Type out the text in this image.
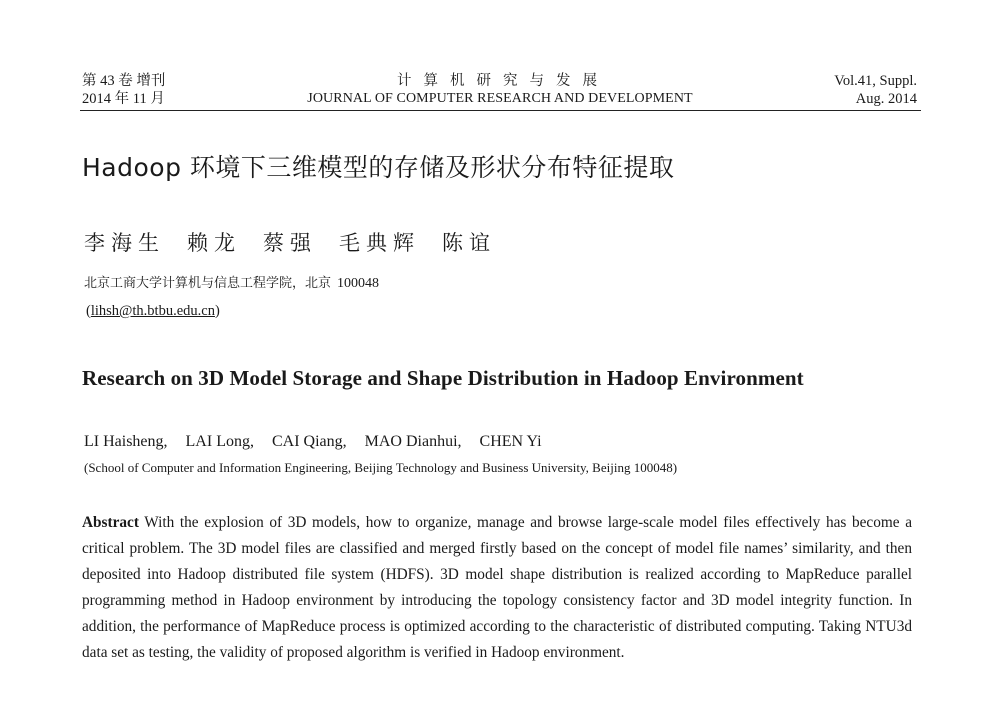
第 43 卷 增刊
2014 年 11 月
计算机研究与发展
JOURNAL OF COMPUTER RESEARCH AND DEVELOPMENT
Vol.41, Suppl.
Aug. 2014
Hadoop 环境下三维模型的存储及形状分布特征提取
李海生 赖龙 蔡强 毛典辉 陈谊
北京工商大学计算机与信息工程学院，北京 100048
(lihsh@th.btbu.edu.cn)
Research on 3D Model Storage and Shape Distribution in Hadoop Environment
LI Haisheng, LAI Long, CAI Qiang, MAO Dianhui, CHEN Yi
(School of Computer and Information Engineering, Beijing Technology and Business University, Beijing 100048)

Abstract With the explosion of 3D models, how to organize, manage and browse large-scale model files effectively has become a critical problem. The 3D model files are classified and merged firstly based on the concept of model file names’ similarity, and then deposited into Hadoop distributed file system (HDFS). 3D model shape distribution is realized according to MapReduce parallel programming method in Hadoop environment by introducing the topology consistency factor and 3D model integrity function. In addition, the performance of MapReduce process is optimized according to the characteristic of distributed computing. Taking NTU3d data set as testing, the validity of proposed algorithm is verified in Hadoop environment.
